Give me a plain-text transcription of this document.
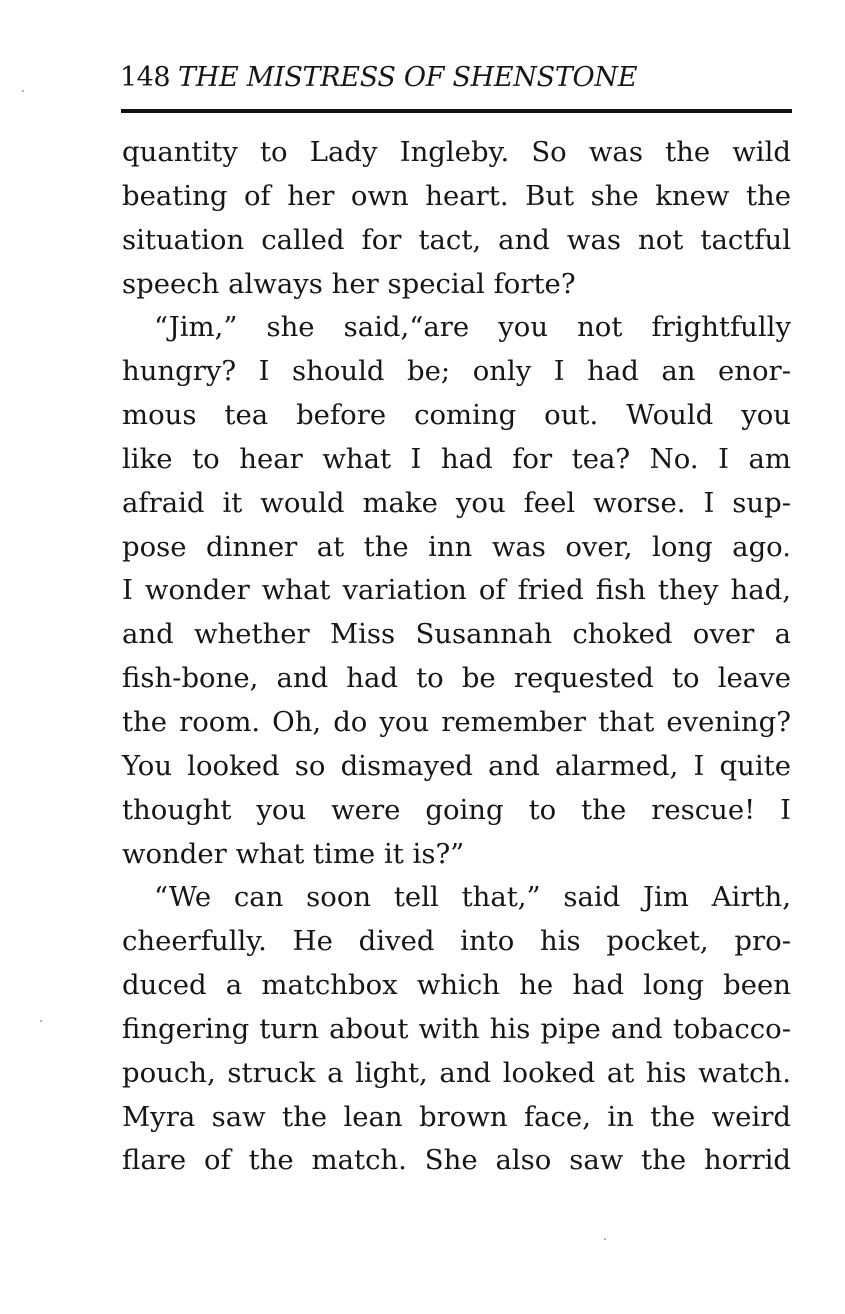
148 THE MISTRESS OF SHENSTONE
quantity to Lady Ingleby. So was the wild
beating of her own heart. But she knew the
situation called for tact, and was not tactful
speech always her special forte?
“Jim,” she said,“are you not frightfully
hungry? I should be; only I had an enor-
mous tea before coming out. Would you
like to hear what I had for tea? No. I am
afraid it would make you feel worse. I sup-
pose dinner at the inn was over, long ago.
I wonder what variation of fried fish they had,
and whether Miss Susannah choked over a
fish-bone, and had to be requested to leave
the room. Oh, do you remember that evening?
You looked so dismayed and alarmed, I quite
thought you were going to the rescue! I
wonder what time it is?”
“We can soon tell that,” said Jim Airth,
cheerfully. He dived into his pocket, pro-
duced a matchbox which he had long been
fingering turn about with his pipe and tobacco-
pouch, struck a light, and looked at his watch.
Myra saw the lean brown face, in the weird
flare of the match. She also saw the horrid
